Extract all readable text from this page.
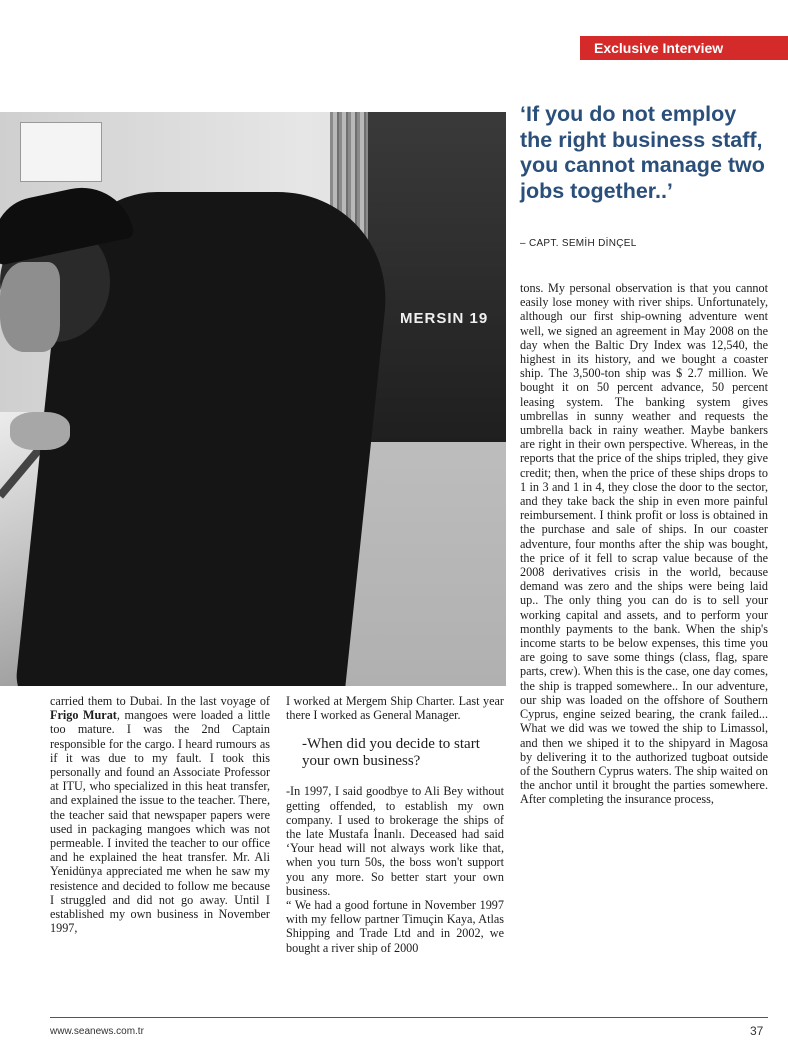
Exclusive Interview
MERSIN 19

‘If you do not employ the right business staff, you cannot manage two jobs together..’

– CAPT. SEMİH DİNÇEL

tons. My personal observation is that you cannot easily lose money with river ships. Unfortunately, although our first ship-owning adventure went well, we signed an agreement in May 2008 on the day when the Baltic Dry Index was 12,540, the highest in its history, and we bought a coaster ship. The 3,500-ton ship was $ 2.7 million. We bought it on 50 percent advance, 50 percent leasing system. The banking system gives umbrellas in sunny weather and requests the umbrella back in rainy weather. Maybe bankers are right in their own perspective. Whereas, in the reports that the price of the ships tripled, they give credit; then, when the price of these ships drops to 1 in 3 and 1 in 4, they close the door to the sector, and they take back the ship in even more painful reimbursement. I think profit or loss is obtained in the purchase and sale of ships. In our coaster adventure, four months after the ship was bought, the price of it fell to scrap value because of the 2008 derivatives crisis in the world, because demand was zero and the ships were being laid up.. The only thing you can do is to sell your working capital and assets, and to perform your monthly payments to the bank. When the ship's income starts to be below expenses, this time you are going to save some things (class, flag, spare parts, crew). When this is the case, one day comes, the ship is trapped somewhere.. In our adventure, our ship was loaded on the offshore of Southern Cyprus, engine seized bearing, the crank failed... What we did was we towed the ship to Limassol, and then we shiped it to the shipyard in Magosa by delivering it to the authorized tugboat outside of the Southern Cyprus waters. The ship waited on the anchor until it brought the parties somewhere. After completing the insurance process,

carried them to Dubai. In the last voyage of Frigo Murat, mangoes were loaded a little too mature. I was the 2nd Captain responsible for the cargo. I heard rumours as if it was due to my fault. I took this personally and found an Associate Professor at ITU, who specialized in this heat transfer, and explained the issue to the teacher. There, the teacher said that newspaper papers were used in packaging mangoes which was not permeable. I invited the teacher to our office and he explained the heat transfer. Mr. Ali Yenidünya appreciated me when he saw my resistence and decided to follow me because I struggled and did not go away. Until I established my own business in November 1997,

I worked at Mergem Ship Charter. Last year there I worked as General Manager.

-When did you decide to start your own business?

-In 1997, I said goodbye to Ali Bey without getting offended, to establish my own company. I used to brokerage the ships of the late Mustafa İnanlı. Deceased had said ‘Your head will not always work like that, when you turn 50s, the boss won't support you any more. So better start your own business.

“ We had a good fortune in November 1997 with my fellow partner Timuçin Kaya, Atlas Shipping and Trade Ltd and in 2002, we bought a river ship of 2000

www.seanews.com.tr	37
